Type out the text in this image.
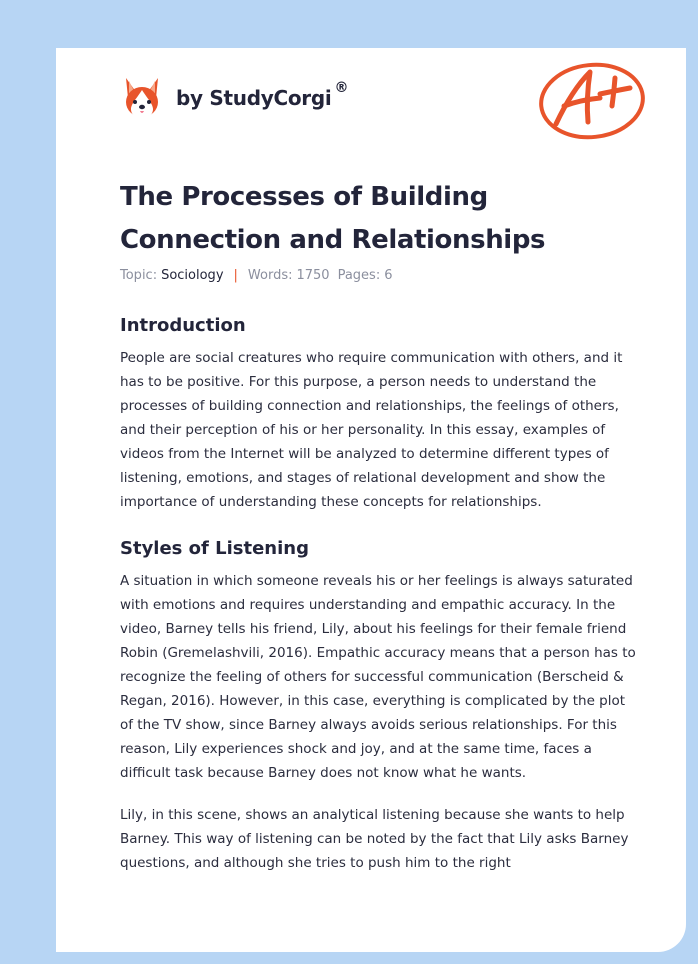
by StudyCorgi ®
The Processes of Building Connection and Relationships
Topic: Sociology | Words: 1750 Pages: 6
Introduction

People are social creatures who require communication with others, and it has to be positive. For this purpose, a person needs to understand the processes of building connection and relationships, the feelings of others, and their perception of his or her personality. In this essay, examples of videos from the Internet will be analyzed to determine different types of listening, emotions, and stages of relational development and show the importance of understanding these concepts for relationships.

Styles of Listening

A situation in which someone reveals his or her feelings is always saturated with emotions and requires understanding and empathic accuracy. In the video, Barney tells his friend, Lily, about his feelings for their female friend Robin (Gremelashvili, 2016). Empathic accuracy means that a person has to recognize the feeling of others for successful communication (Berscheid & Regan, 2016). However, in this case, everything is complicated by the plot of the TV show, since Barney always avoids serious relationships. For this reason, Lily experiences shock and joy, and at the same time, faces a difficult task because Barney does not know what he wants.

Lily, in this scene, shows an analytical listening because she wants to help Barney. This way of listening can be noted by the fact that Lily asks Barney questions, and although she tries to push him to the right
